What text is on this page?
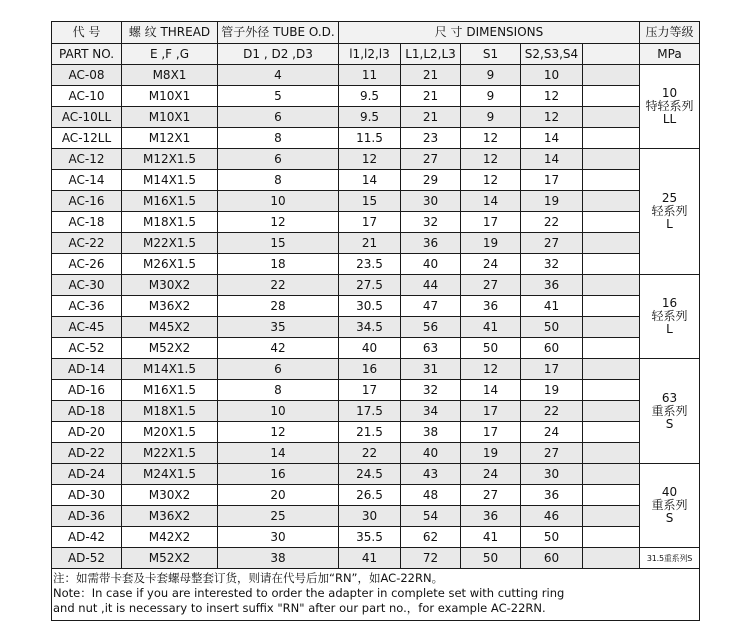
代 号	螺 纹 THREAD	管子外径 TUBE O.D.	尺 寸 DIMENSIONS					压力等级
PART NO.	E ,F ,G	D1 , D2 ,D3	l1,l2,l3	L1,L2,L3	S1	S2,S3,S4		MPa
AC-08	M8X1	4	11	21	9	10		10
特轻系列
LL

AC-10	M10X1	5	9.5	21	9	12		
AC-10LL	M10X1	6	9.5	21	9	12		
AC-12LL	M12X1	8	11.5	23	12	14		
AC-12	M12X1.5	6	12	27	12	14		25
轻系列
L

AC-14	M14X1.5	8	14	29	12	17		
AC-16	M16X1.5	10	15	30	14	19		
AC-18	M18X1.5	12	17	32	17	22		
AC-22	M22X1.5	15	21	36	19	27		
AC-26	M26X1.5	18	23.5	40	24	32		
AC-30	M30X2	22	27.5	44	27	36		16
轻系列
L

AC-36	M36X2	28	30.5	47	36	41		
AC-45	M45X2	35	34.5	56	41	50		
AC-52	M52X2	42	40	63	50	60		
AD-14	M14X1.5	6	16	31	12	17		63
重系列
S

AD-16	M16X1.5	8	17	32	14	19		
AD-18	M18X1.5	10	17.5	34	17	22		
AD-20	M20X1.5	12	21.5	38	17	24		
AD-22	M22X1.5	14	22	40	19	27		
AD-24	M24X1.5	16	24.5	43	24	30		40
重系列
S

AD-30	M30X2	20	26.5	48	27	36		
AD-36	M36X2	25	30	54	36	46		
AD-42	M42X2	30	35.5	62	41	50		
AD-52	M52X2	38	41	72	50	60		31.5重系列S
注：如需带卡套及卡套螺母整套订货，则请在代号后加“RN”，如AC-22RN。
Note：In case if you are interested to order the adapter in complete set with cutting ring
and nut ,it is necessary to insert suffix "RN" after our part no.，for example AC-22RN.
